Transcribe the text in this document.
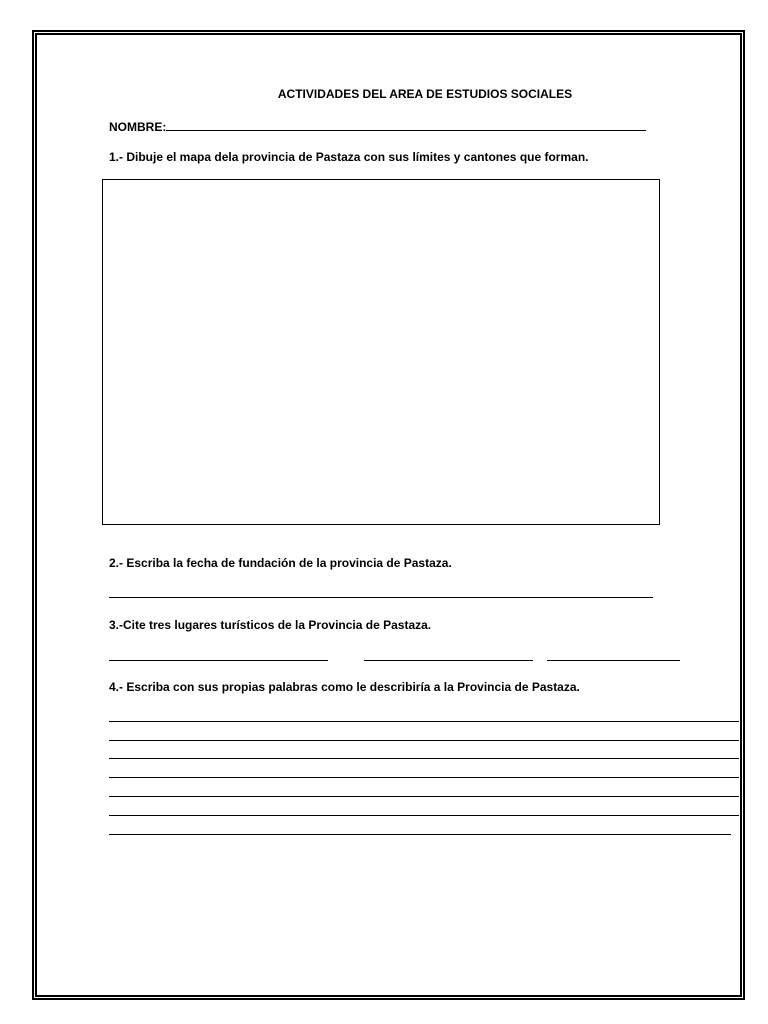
ACTIVIDADES DEL AREA DE ESTUDIOS SOCIALES
NOMBRE:
1.- Dibuje el mapa dela provincia de Pastaza con sus límites y cantones que forman.
2.- Escriba la fecha de fundación de la provincia de Pastaza.
3.-Cite tres lugares turísticos de la Provincia de Pastaza.
4.- Escriba con sus propias palabras como le describiría a la Provincia de Pastaza.
